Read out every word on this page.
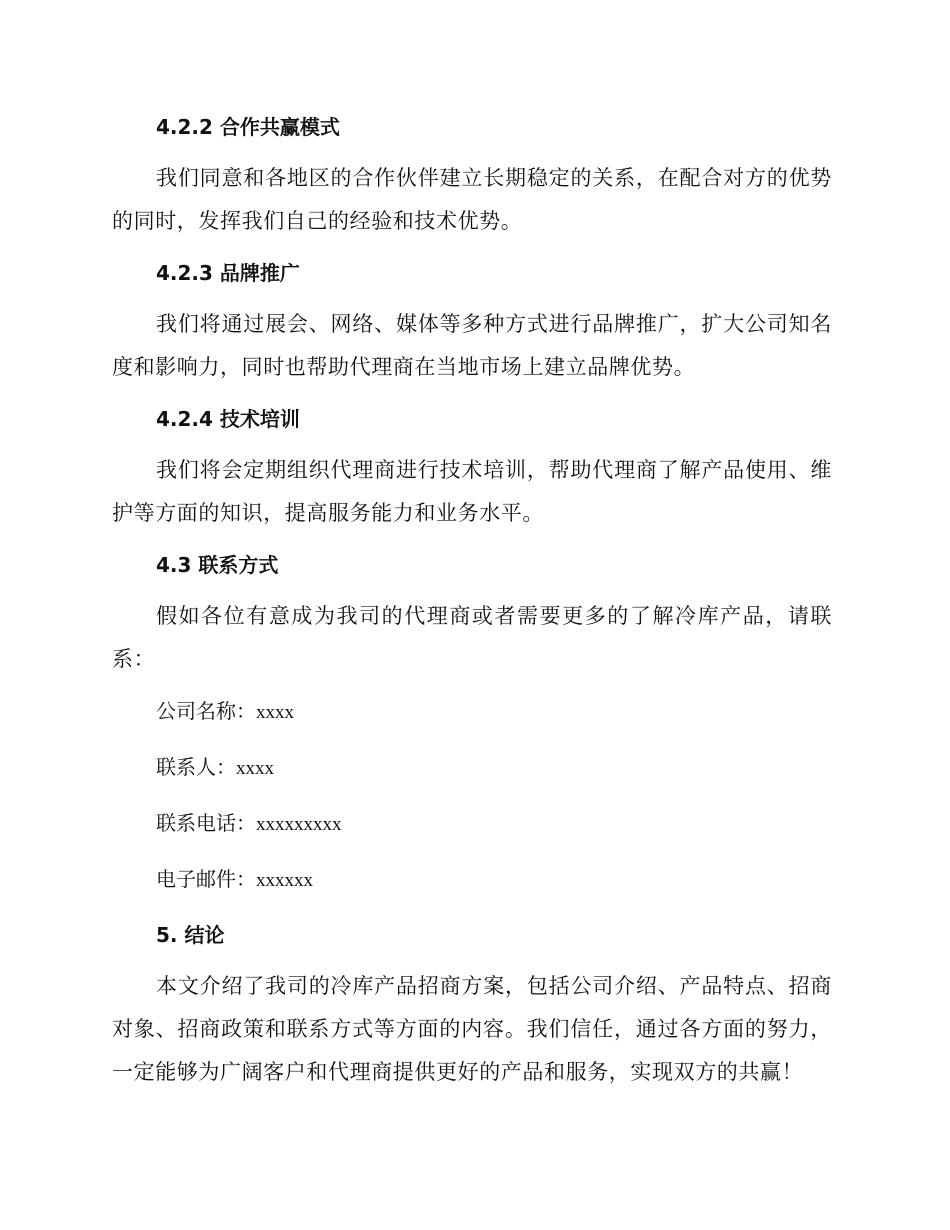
4.2.2 合作共赢模式

我们同意和各地区的合作伙伴建立长期稳定的关系，在配合对方的优势的同时，发挥我们自己的经验和技术优势。

4.2.3 品牌推广

我们将通过展会、网络、媒体等多种方式进行品牌推广，扩大公司知名度和影响力，同时也帮助代理商在当地市场上建立品牌优势。

4.2.4 技术培训

我们将会定期组织代理商进行技术培训，帮助代理商了解产品使用、维护等方面的知识，提高服务能力和业务水平。

4.3 联系方式

假如各位有意成为我司的代理商或者需要更多的了解冷库产品，请联系：

公司名称：xxxx
联系人：xxxx
联系电话：xxxxxxxxx
电子邮件：xxxxxx
5. 结论

本文介绍了我司的冷库产品招商方案，包括公司介绍、产品特点、招商对象、招商政策和联系方式等方面的内容。我们信任，通过各方面的努力，一定能够为广阔客户和代理商提供更好的产品和服务，实现双方的共赢！
